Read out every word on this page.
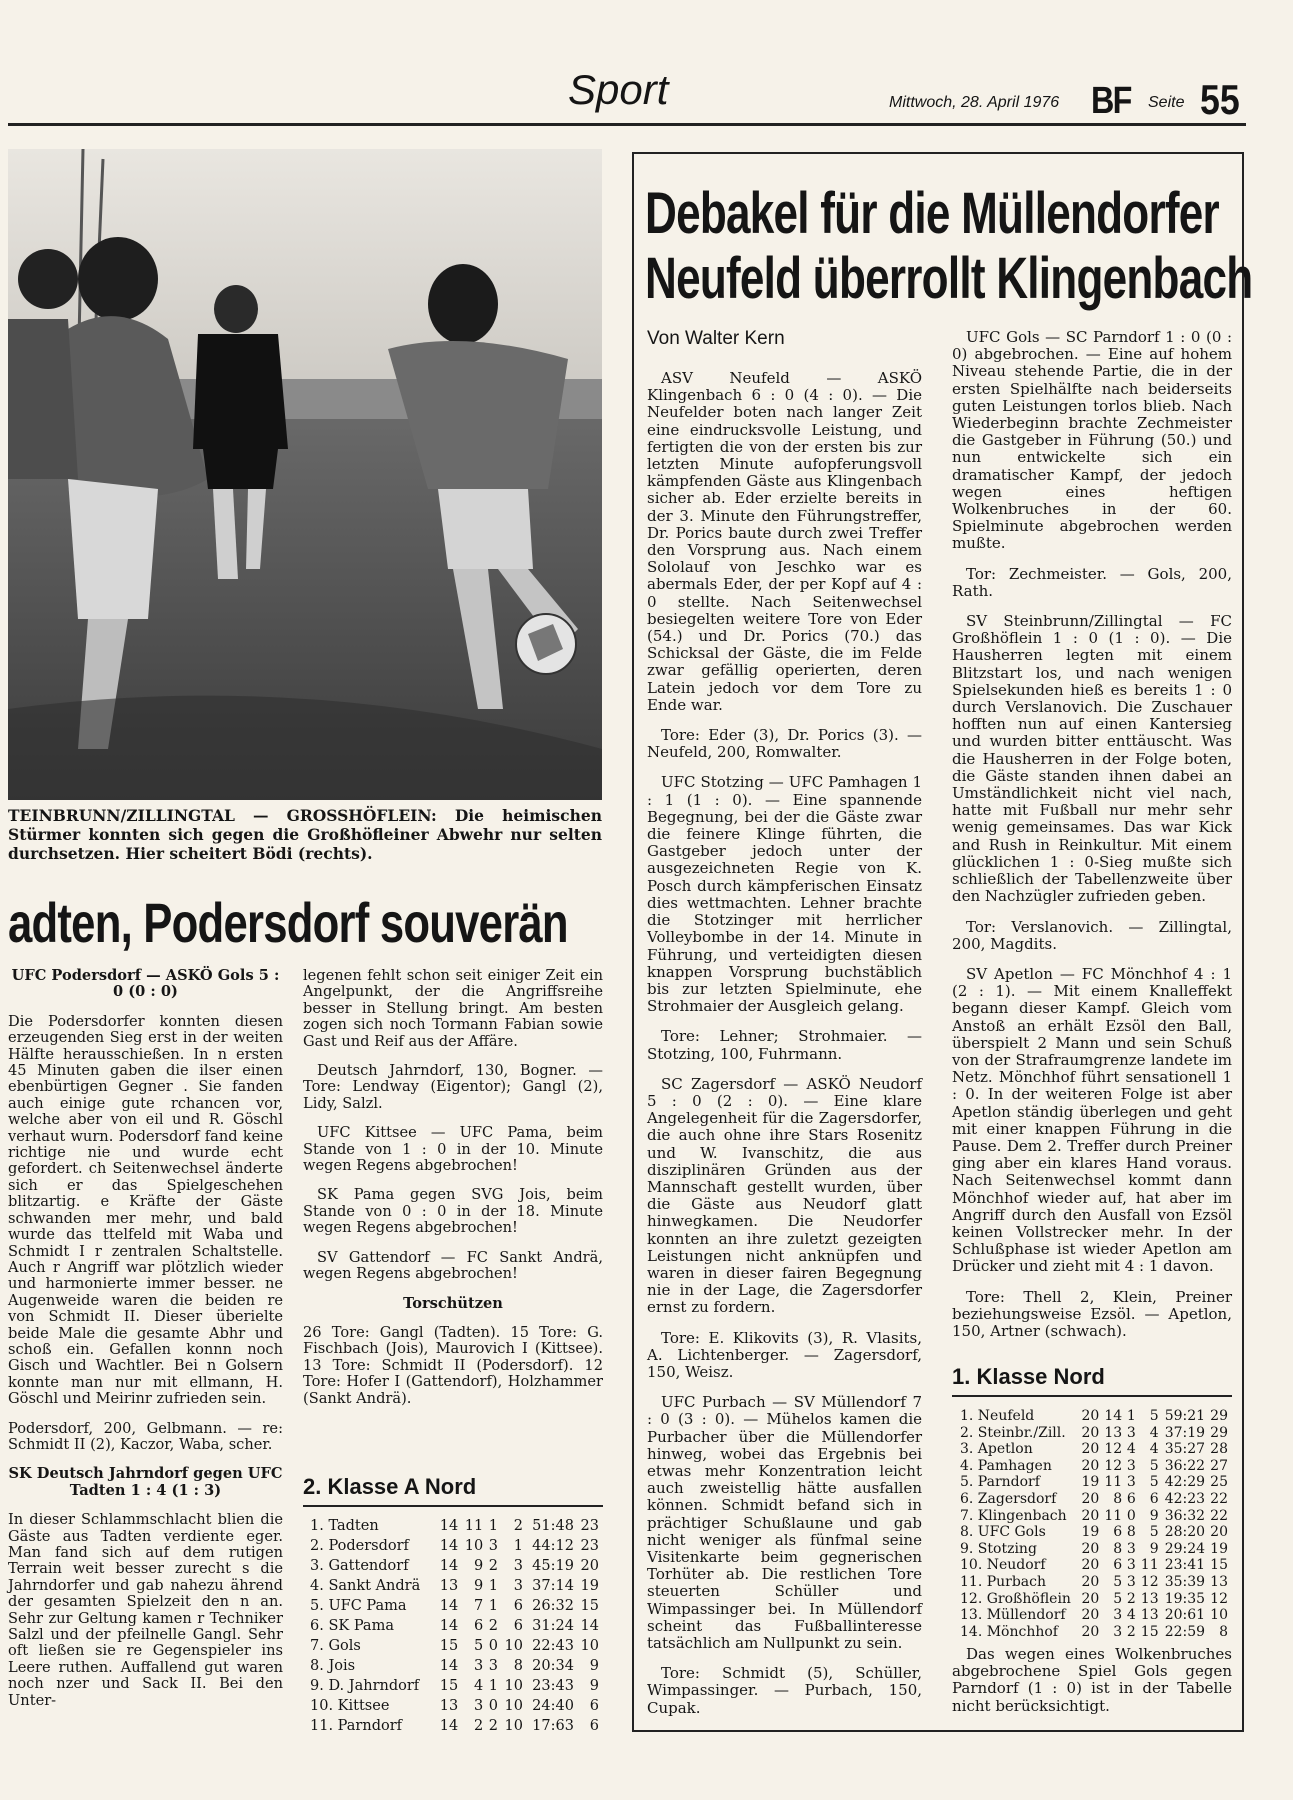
Sport	Mittwoch, 28. April 1976 BF Seite 55
TEINBRUNN/ZILLINGTAL — GROSSHÖFLEIN: Die heimischen Stürmer konnten sich gegen die Großhöfleiner Abwehr nur selten durchsetzen. Hier scheitert Bödi (rechts).
adten, Podersdorf souverän

UFC Podersdorf — ASKÖ Gols 5 : 0 (0 : 0)

Die Podersdorfer konnten diesen erzeugenden Sieg erst in der weiten Hälfte herausschießen. In n ersten 45 Minuten gaben die ilser einen ebenbürtigen Gegner . Sie fanden auch einige gute rchancen vor, welche aber von eil und R. Göschl verhaut wurn. Podersdorf fand keine richtige nie und wurde echt gefordert. ch Seitenwechsel änderte sich er das Spielgeschehen blitzartig. e Kräfte der Gäste schwanden mer mehr, und bald wurde das ttelfeld mit Waba und Schmidt I r zentralen Schaltstelle. Auch r Angriff war plötzlich wieder und harmonierte immer besser. ne Augenweide waren die beiden re von Schmidt II. Dieser überielte beide Male die gesamte Abhr und schoß ein. Gefallen konnn noch Gisch und Wachtler. Bei n Golsern konnte man nur mit ellmann, H. Göschl und Meirinr zufrieden sein.

Podersdorf, 200, Gelbmann. — re: Schmidt II (2), Kaczor, Waba, scher.

SK Deutsch Jahrndorf gegen UFC Tadten 1 : 4 (1 : 3)

In dieser Schlammschlacht blien die Gäste aus Tadten verdiente eger. Man fand sich auf dem rutigen Terrain weit besser zurecht s die Jahrndorfer und gab nahezu ährend der gesamten Spielzeit den n an. Sehr zur Geltung kamen r Techniker Salzl und der pfeilnelle Gangl. Sehr oft ließen sie re Gegenspieler ins Leere ruthen. Auffallend gut waren noch nzer und Sack II. Bei den Unter-

legenen fehlt schon seit einiger Zeit ein Angelpunkt, der die Angriffsreihe besser in Stellung bringt. Am besten zogen sich noch Tormann Fabian sowie Gast und Reif aus der Affäre.

Deutsch Jahrndorf, 130, Bogner. — Tore: Lendway (Eigentor); Gangl (2), Lidy, Salzl.

UFC Kittsee — UFC Pama, beim Stande von 1 : 0 in der 10. Minute wegen Regens abgebrochen!

SK Pama gegen SVG Jois, beim Stande von 0 : 0 in der 18. Minute wegen Regens abgebrochen!

SV Gattendorf — FC Sankt Andrä, wegen Regens abgebrochen!

Torschützen

26 Tore: Gangl (Tadten). 15 Tore: G. Fischbach (Jois), Maurovich I (Kittsee). 13 Tore: Schmidt II (Podersdorf). 12 Tore: Hofer I (Gattendorf), Holzhammer (Sankt Andrä).

2. Klasse A Nord
1. Tadten	14	11	1	2	51:48	23
2. Podersdorf	14	10	3	1	44:12	23
3. Gattendorf	14	9	2	3	45:19	20
4. Sankt Andrä	13	9	1	3	37:14	19
5. UFC Pama	14	7	1	6	26:32	15
6. SK Pama	14	6	2	6	31:24	14
7. Gols	15	5	0	10	22:43	10
8. Jois	14	3	3	8	20:34	9
9. D. Jahrndorf	15	4	1	10	23:43	9
10. Kittsee	13	3	0	10	24:40	6
11. Parndorf	14	2	2	10	17:63	6
Debakel für die Müllendorfer
Neufeld überrollt Klingenbach
Von Walter Kern

ASV Neufeld — ASKÖ Klingenbach 6 : 0 (4 : 0). — Die Neufelder boten nach langer Zeit eine eindrucksvolle Leistung, und fertigten die von der ersten bis zur letzten Minute aufopferungsvoll kämpfenden Gäste aus Klingenbach sicher ab. Eder erzielte bereits in der 3. Minute den Führungstreffer, Dr. Porics baute durch zwei Treffer den Vorsprung aus. Nach einem Sololauf von Jeschko war es abermals Eder, der per Kopf auf 4 : 0 stellte. Nach Seitenwechsel besiegelten weitere Tore von Eder (54.) und Dr. Porics (70.) das Schicksal der Gäste, die im Felde zwar gefällig operierten, deren Latein jedoch vor dem Tore zu Ende war.

Tore: Eder (3), Dr. Porics (3). — Neufeld, 200, Romwalter.

UFC Stotzing — UFC Pamhagen 1 : 1 (1 : 0). — Eine spannende Begegnung, bei der die Gäste zwar die feinere Klinge führten, die Gastgeber jedoch unter der ausgezeichneten Regie von K. Posch durch kämpferischen Einsatz dies wettmachten. Lehner brachte die Stotzinger mit herrlicher Volleybombe in der 14. Minute in Führung, und verteidigten diesen knappen Vorsprung buchstäblich bis zur letzten Spielminute, ehe Strohmaier der Ausgleich gelang.

Tore: Lehner; Strohmaier. — Stotzing, 100, Fuhrmann.

SC Zagersdorf — ASKÖ Neudorf 5 : 0 (2 : 0). — Eine klare Angelegenheit für die Zagersdorfer, die auch ohne ihre Stars Rosenitz und W. Ivanschitz, die aus disziplinären Gründen aus der Mannschaft gestellt wurden, über die Gäste aus Neudorf glatt hinwegkamen. Die Neudorfer konnten an ihre zuletzt gezeigten Leistungen nicht anknüpfen und waren in dieser fairen Begegnung nie in der Lage, die Zagersdorfer ernst zu fordern.

Tore: E. Klikovits (3), R. Vlasits, A. Lichtenberger. — Zagersdorf, 150, Weisz.

UFC Purbach — SV Müllendorf 7 : 0 (3 : 0). — Mühelos kamen die Purbacher über die Müllendorfer hinweg, wobei das Ergebnis bei etwas mehr Konzentration leicht auch zweistellig hätte ausfallen können. Schmidt befand sich in prächtiger Schußlaune und gab nicht weniger als fünfmal seine Visitenkarte beim gegnerischen Torhüter ab. Die restlichen Tore steuerten Schüller und Wimpassinger bei. In Müllendorf scheint das Fußballinteresse tatsächlich am Nullpunkt zu sein.

Tore: Schmidt (5), Schüller, Wimpassinger. — Purbach, 150, Cupak.

UFC Gols — SC Parndorf 1 : 0 (0 : 0) abgebrochen. — Eine auf hohem Niveau stehende Partie, die in der ersten Spielhälfte nach beiderseits guten Leistungen torlos blieb. Nach Wiederbeginn brachte Zechmeister die Gastgeber in Führung (50.) und nun entwickelte sich ein dramatischer Kampf, der jedoch wegen eines heftigen Wolkenbruches in der 60. Spielminute abgebrochen werden mußte.

Tor: Zechmeister. — Gols, 200, Rath.

SV Steinbrunn/Zillingtal — FC Großhöflein 1 : 0 (1 : 0). — Die Hausherren legten mit einem Blitzstart los, und nach wenigen Spielsekunden hieß es bereits 1 : 0 durch Verslanovich. Die Zuschauer hofften nun auf einen Kantersieg und wurden bitter enttäuscht. Was die Hausherren in der Folge boten, die Gäste standen ihnen dabei an Umständlichkeit nicht viel nach, hatte mit Fußball nur mehr sehr wenig gemeinsames. Das war Kick and Rush in Reinkultur. Mit einem glücklichen 1 : 0-Sieg mußte sich schließlich der Tabellenzweite über den Nachzügler zufrieden geben.

Tor: Verslanovich. — Zillingtal, 200, Magdits.

SV Apetlon — FC Mönchhof 4 : 1 (2 : 1). — Mit einem Knalleffekt begann dieser Kampf. Gleich vom Anstoß an erhält Ezsöl den Ball, überspielt 2 Mann und sein Schuß von der Strafraumgrenze landete im Netz. Mönchhof führt sensationell 1 : 0. In der weiteren Folge ist aber Apetlon ständig überlegen und geht mit einer knappen Führung in die Pause. Dem 2. Treffer durch Preiner ging aber ein klares Hand voraus. Nach Seitenwechsel kommt dann Mönchhof wieder auf, hat aber im Angriff durch den Ausfall von Ezsöl keinen Vollstrecker mehr. In der Schlußphase ist wieder Apetlon am Drücker und zieht mit 4 : 1 davon.

Tore: Thell 2, Klein, Preiner beziehungsweise Ezsöl. — Apetlon, 150, Artner (schwach).

1. Klasse Nord
1. Neufeld	20	14	1	5	59:21	29
2. Steinbr./Zill.	20	13	3	4	37:19	29
3. Apetlon	20	12	4	4	35:27	28
4. Pamhagen	20	12	3	5	36:22	27
5. Parndorf	19	11	3	5	42:29	25
6. Zagersdorf	20	8	6	6	42:23	22
7. Klingenbach	20	11	0	9	36:32	22
8. UFC Gols	19	6	8	5	28:20	20
9. Stotzing	20	8	3	9	29:24	19
10. Neudorf	20	6	3	11	23:41	15
11. Purbach	20	5	3	12	35:39	13
12. Großhöflein	20	5	2	13	19:35	12
13. Müllendorf	20	3	4	13	20:61	10
14. Mönchhof	20	3	2	15	22:59	8
Das wegen eines Wolkenbruches abgebrochene Spiel Gols gegen Parndorf (1 : 0) ist in der Tabelle nicht berücksichtigt.
